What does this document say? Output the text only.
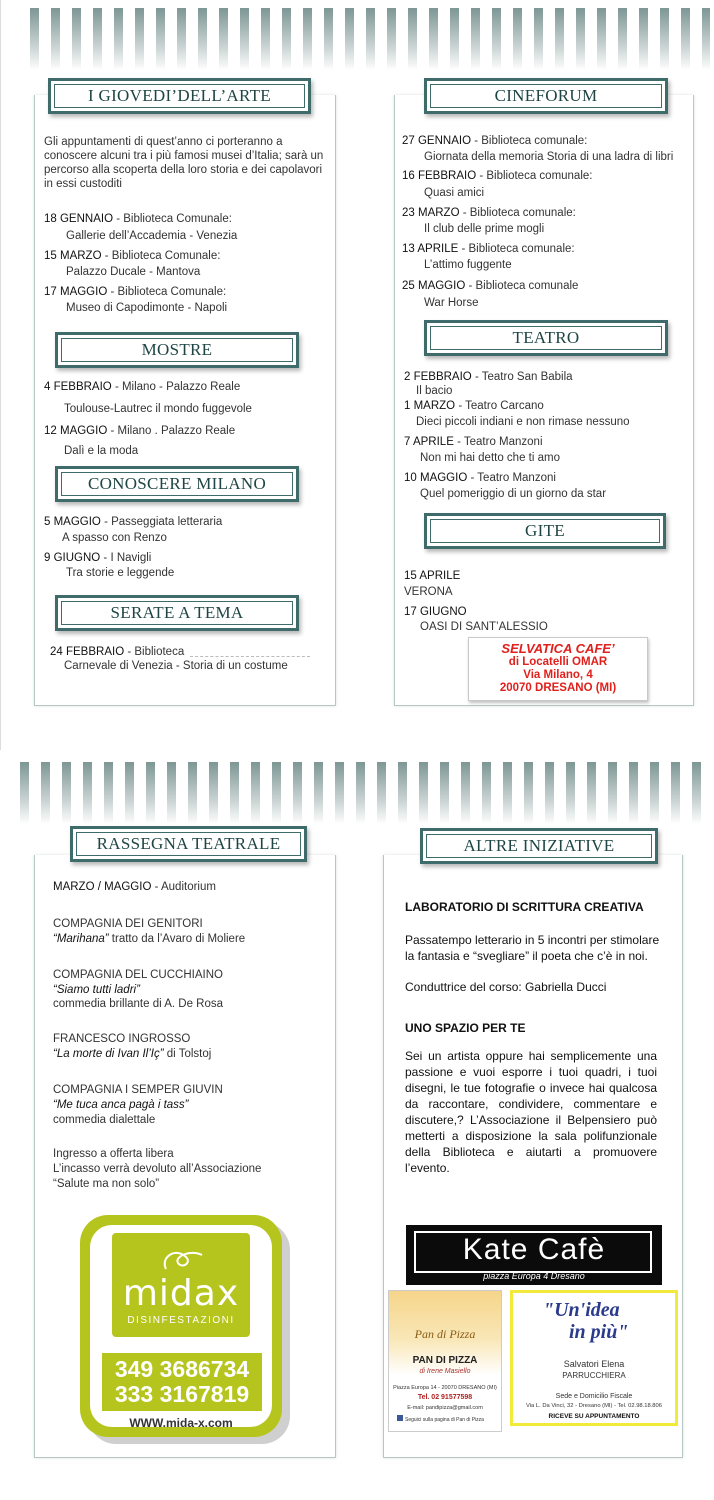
I GIOVEDI’DELL’ARTE
Gli appuntamenti di quest’anno ci porteranno a conoscere alcuni tra i più famosi musei d’Italia; sarà un percorso alla scoperta della loro storia e dei capolavori in essi custoditi
18 GENNAIO - Biblioteca Comunale:
Gallerie dell’Accademia - Venezia
15 MARZO - Biblioteca Comunale:
Palazzo Ducale - Mantova
17 MAGGIO - Biblioteca Comunale:
Museo di Capodimonte - Napoli
MOSTRE
4 FEBBRAIO - Milano - Palazzo Reale
Toulouse-Lautrec il mondo fuggevole
12 MAGGIO - Milano . Palazzo Reale
Dalì e la moda
CONOSCERE MILANO
5 MAGGIO - Passeggiata letteraria
A spasso con Renzo
9 GIUGNO - I Navigli
Tra storie e leggende
SERATE A TEMA
24 FEBBRAIO - Biblioteca
Carnevale di Venezia - Storia di un costume
CINEFORUM
27 GENNAIO - Biblioteca comunale:
Giornata della memoria Storia di una ladra di libri
16 FEBBRAIO - Biblioteca comunale:
Quasi amici
23 MARZO - Biblioteca comunale:
Il club delle prime mogli
13 APRILE - Biblioteca comunale:
L’attimo fuggente
25 MAGGIO - Biblioteca comunale
War Horse
TEATRO
2 FEBBRAIO - Teatro San Babila
Il bacio
1 MARZO - Teatro Carcano
Dieci piccoli indiani e non rimase nessuno
7 APRILE - Teatro Manzoni
Non mi hai detto che ti amo
10 MAGGIO - Teatro Manzoni
Quel pomeriggio di un giorno da star
GITE
15 APRILE
VERONA
17 GIUGNO
OASI DI SANT’ALESSIO
SELVATICA CAFE’
di Locatelli OMAR
Via Milano, 4
20070 DRESANO (MI)
RASSEGNA TEATRALE
MARZO / MAGGIO - Auditorium
COMPAGNIA DEI GENITORI
“Marihana” tratto da l’Avaro di Moliere
COMPAGNIA DEL CUCCHIAINO
“Siamo tutti ladri”
commedia brillante di A. De Rosa
FRANCESCO INGROSSO
“La morte di Ivan Il’Iç” di Tolstoj
COMPAGNIA I SEMPER GIUVIN
“Me tuca anca pagà i tass”
commedia dialettale
Ingresso a offerta libera
L’incasso verrà devoluto all’Associazione
“Salute ma non solo”
midax
DISINFESTAZIONI
349 3686734
333 3167819
WWW.mida-x.com
ALTRE INIZIATIVE
LABORATORIO DI SCRITTURA CREATIVA
Passatempo letterario in 5 incontri per stimolare la fantasia e “svegliare” il poeta che c’è in noi.
Conduttrice del corso: Gabriella Ducci
UNO SPAZIO PER TE
Sei un artista oppure hai semplicemente una passione e vuoi esporre i tuoi quadri, i tuoi disegni, le tue fotografie o invece hai qualcosa da raccontare, condividere, commentare e discutere,? L’Associazione il Belpensiero può metterti a disposizione la sala polifunzionale della Biblioteca e aiutarti a promuovere l’evento.
Kate Cafè
piazza Europa 4 Dresano
Pan di Pizza
PAN DI PIZZA
di Irene Masiello
Piazza Europa 14 - 20070 DRESANO (MI)
Tel. 02 91577598
E-mail: pandipizza@gmail.com
Seguici sulla pagina di Pan di Pizza
"Un'idea
in più"
Salvatori Elena
PARRUCCHIERA
Sede e Domicilio Fiscale
Via L. Da Vinci, 32 - Dresano (MI) - Tel. 02.98.18.806
RICEVE SU APPUNTAMENTO
